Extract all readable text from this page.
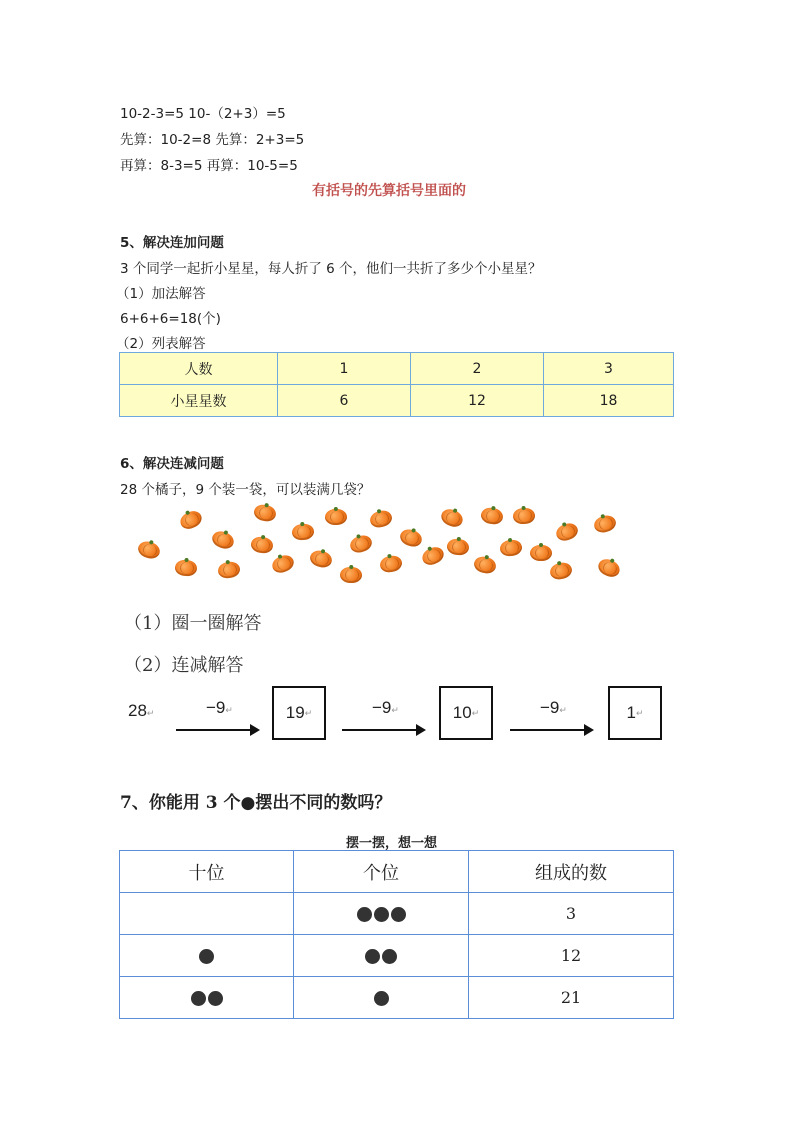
10-2-3=5 10-（2+3）=5
先算：10-2=8 先算：2+3=5
再算：8-3=5 再算：10-5=5
有括号的先算括号里面的
5、解决连加问题
3 个同学一起折小星星，每人折了 6 个，他们一共折了多少个小星星？
（1）加法解答
6+6+6=18(个)
（2）列表解答
人数	1	2	3
小星星数	6	12	18
6、解决连减问题
28 个橘子，9 个装一袋，可以装满几袋？
（1）圈一圈解答
（2）连减解答
28↵	−9↵	19 ↵	−9↵	10 ↵	−9↵	1 ↵
7、你能用 3 个●摆出不同的数吗？
摆一摆，想一想
十位	个位	组成的数
		3
		12
		21
